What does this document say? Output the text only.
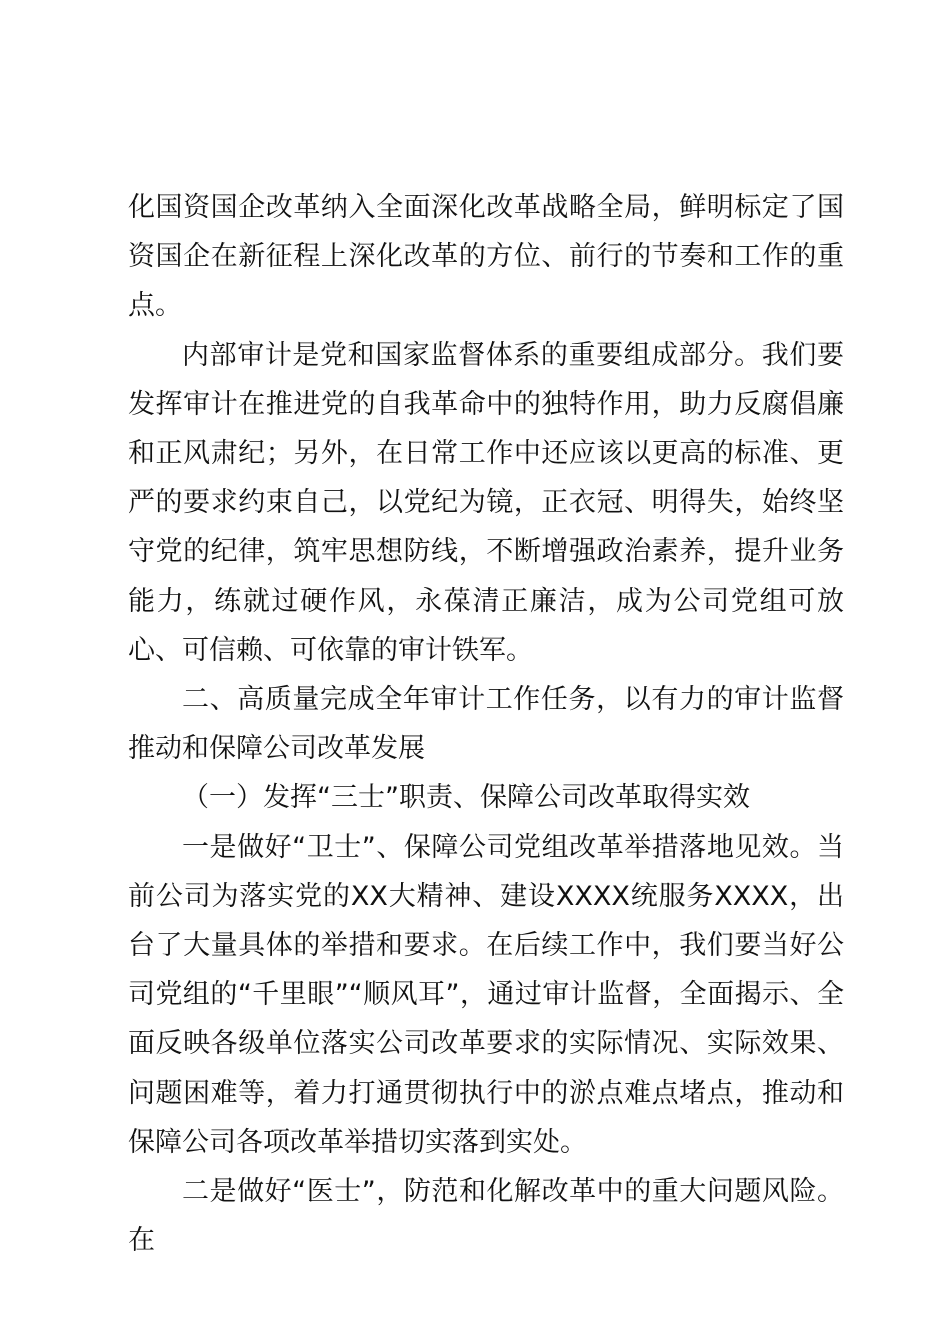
化国资国企改革纳入全面深化改革战略全局，鲜明标定了国资国企在新征程上深化改革的方位、前行的节奏和工作的重点。

内部审计是党和国家监督体系的重要组成部分。我们要发挥审计在推进党的自我革命中的独特作用，助力反腐倡廉和正风肃纪；另外，在日常工作中还应该以更高的标准、更严的要求约束自己，以党纪为镜，正衣冠、明得失，始终坚守党的纪律，筑牢思想防线，不断增强政治素养，提升业务能力，练就过硬作风，永葆清正廉洁，成为公司党组可放心、可信赖、可依靠的审计铁军。

二、高质量完成全年审计工作任务，以有力的审计监督推动和保障公司改革发展

（一）发挥“三士”职责、保障公司改革取得实效

一是做好“卫士”、保障公司党组改革举措落地见效。当前公司为落实党的XX大精神、建设XXXX统服务XXXX，出台了大量具体的举措和要求。在后续工作中，我们要当好公司党组的“千里眼”“顺风耳”，通过审计监督，全面揭示、全面反映各级单位落实公司改革要求的实际情况、实际效果、问题困难等，着力打通贯彻执行中的淤点难点堵点，推动和保障公司各项改革举措切实落到实处。

二是做好“医士”，防范和化解改革中的重大问题风险。在
